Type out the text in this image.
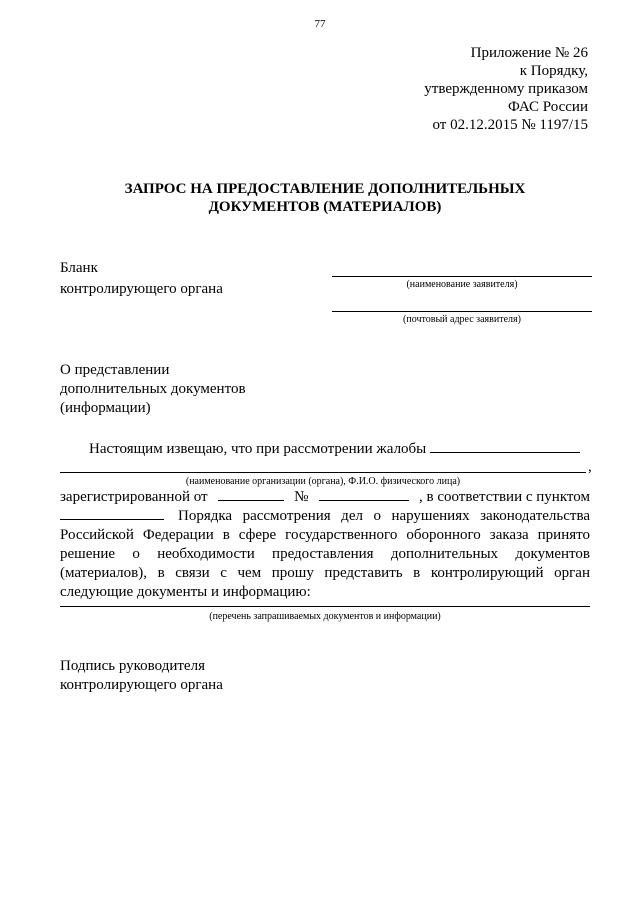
77
Приложение № 26
к Порядку,
утвержденному приказом
ФАС России
от 02.12.2015 № 1197/15
ЗАПРОС НА ПРЕДОСТАВЛЕНИЕ ДОПОЛНИТЕЛЬНЫХ
ДОКУМЕНТОВ (МАТЕРИАЛОВ)
Бланк
контролирующего органа	(наименование заявителя)
(почтовый адрес заявителя)
О представлении
дополнительных документов
(информации)
Настоящим извещаю, что при рассмотрении жалобы
,
(наименование организации (органа), Ф.И.О. физического лица)
зарегистрированной от	№	, в соответствии с пунктом
Порядка рассмотрения дел о нарушениях законодательства Российской Федерации в сфере государственного оборонного заказа принято решение о необходимости предоставления дополнительных документов (материалов), в связи с чем прошу представить в контролирующий орган следующие документы и информацию:
(перечень запрашиваемых документов и информации)
Подпись руководителя
контролирующего органа
